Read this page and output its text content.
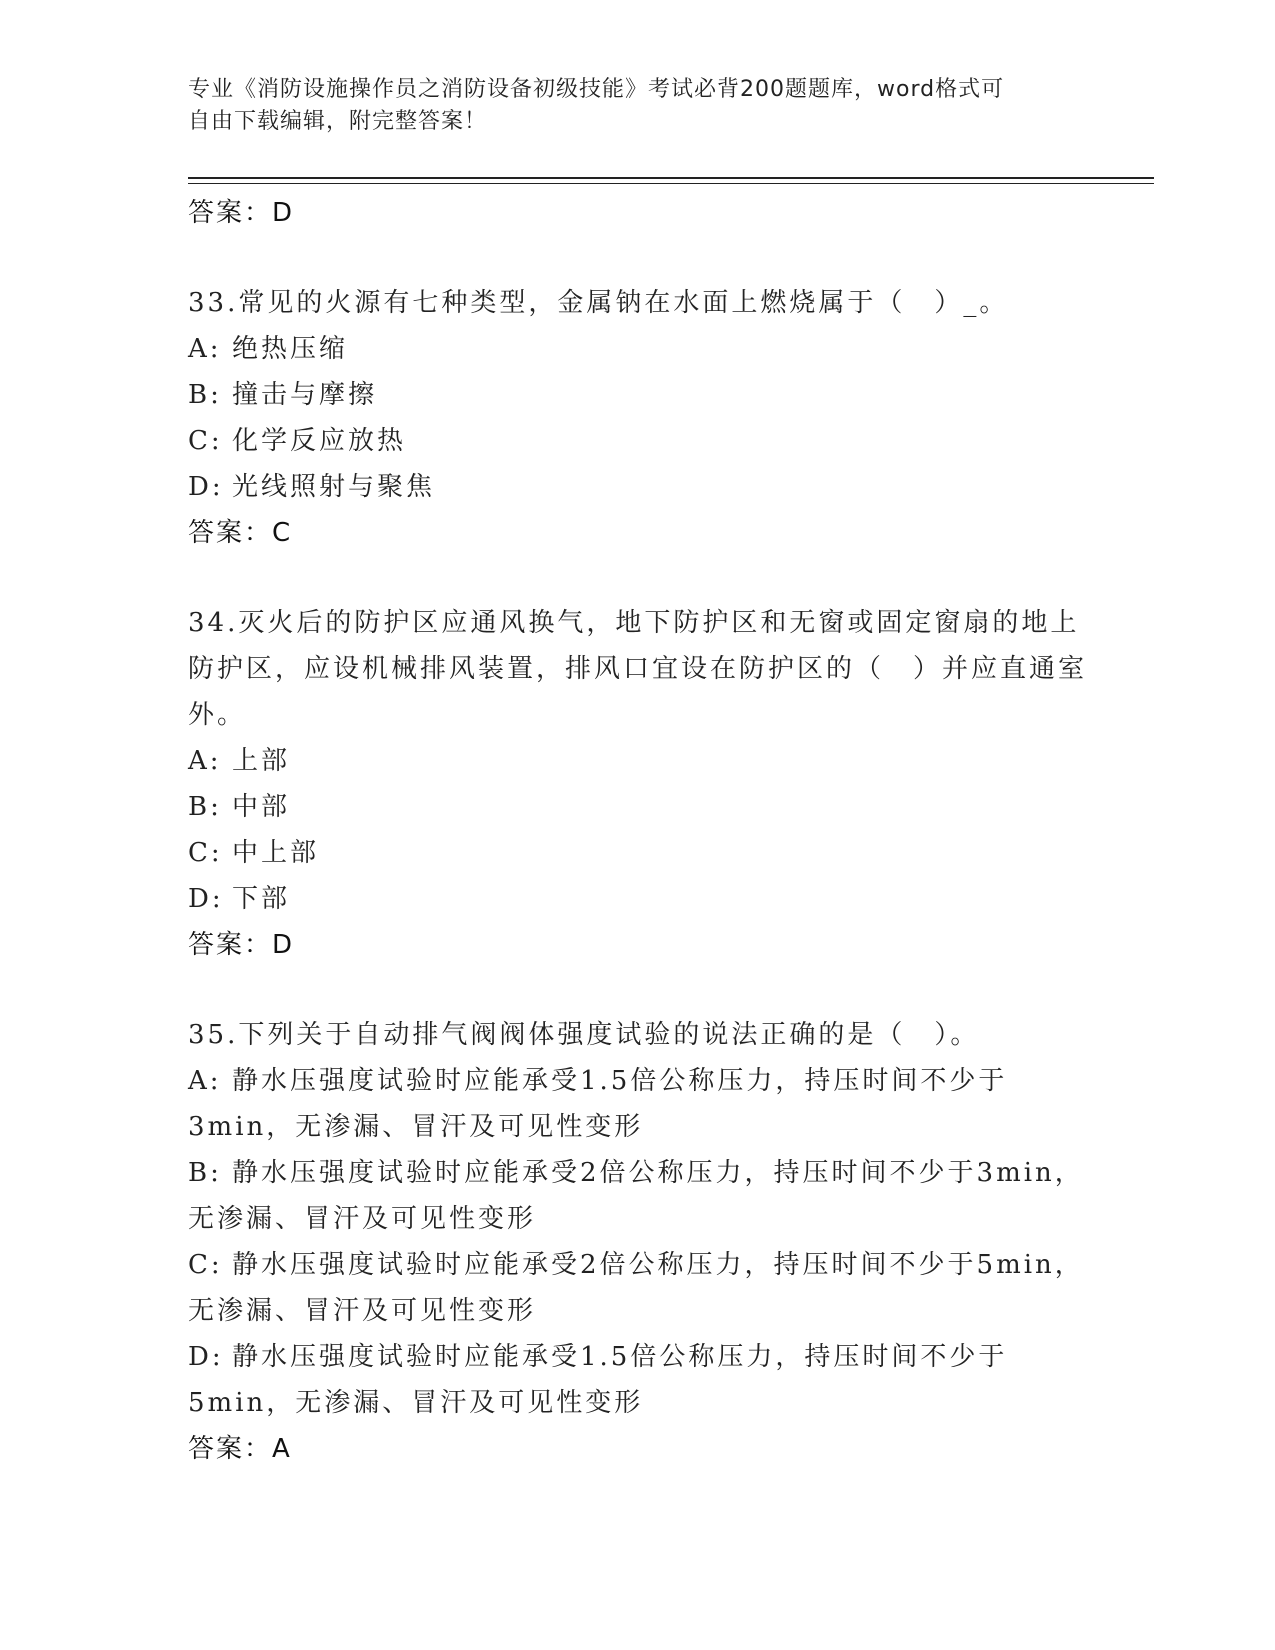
专业《消防设施操作员之消防设备初级技能》考试必背200题题库，word格式可
自由下载编辑，附完整答案！
答案：D
33.常见的火源有七种类型，金属钠在水面上燃烧属于（　）_。
A: 绝热压缩
B: 撞击与摩擦
C: 化学反应放热
D: 光线照射与聚焦
答案：C
34.灭火后的防护区应通风换气，地下防护区和无窗或固定窗扇的地上防护区，应设机械排风装置，排风口宜设在防护区的（　）并应直通室外。
A: 上部
B: 中部
C: 中上部
D: 下部
答案：D
35.下列关于自动排气阀阀体强度试验的说法正确的是（　）。
A: 静水压强度试验时应能承受1.5倍公称压力，持压时间不少于3min，无渗漏、冒汗及可见性变形
B: 静水压强度试验时应能承受2倍公称压力，持压时间不少于3min，无渗漏、冒汗及可见性变形
C: 静水压强度试验时应能承受2倍公称压力，持压时间不少于5min，无渗漏、冒汗及可见性变形
D: 静水压强度试验时应能承受1.5倍公称压力，持压时间不少于5min，无渗漏、冒汗及可见性变形
答案：A
